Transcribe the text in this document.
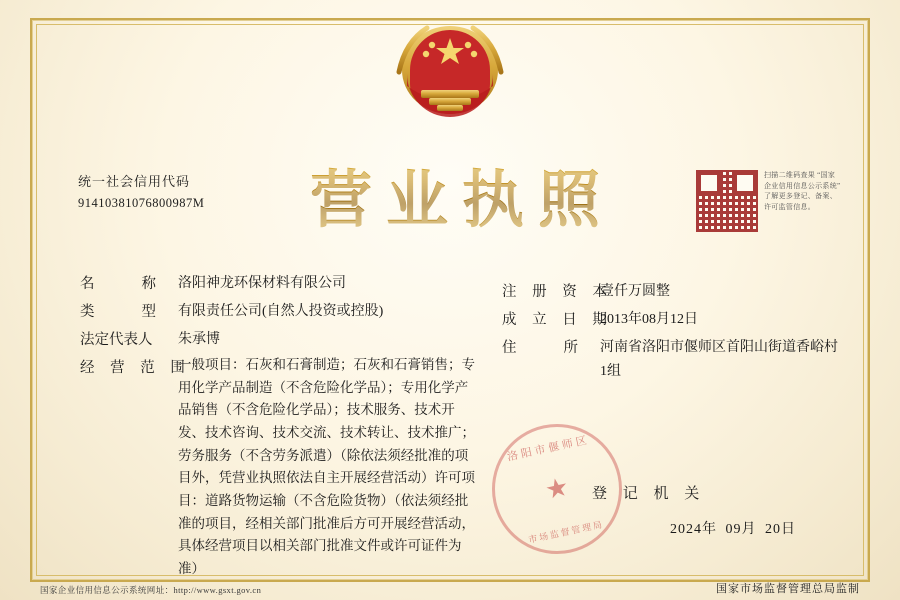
营业执照
统一社会信用代码
91410381076800987M
扫描二维码查果 “国家企业信用信息公示系统” 了解更多登记、备案、许可监管信息。
名　　称 洛阳神龙环保材料有限公司
类　　型 有限责任公司(自然人投资或控股)
法定代表人 朱承博
经 营 范 围
一般项目：石灰和石膏制造；石灰和石膏销售；专用化学产品制造（不含危险化学品）；专用化学产品销售（不含危险化学品）；技术服务、技术开发、技术咨询、技术交流、技术转让、技术推广；劳务服务（不含劳务派遣）（除依法须经批准的项目外，凭营业执照依法自主开展经营活动）许可项目：道路货物运输（不含危险货物）（依法须经批准的项目，经相关部门批准后方可开展经营活动，具体经营项目以相关部门批准文件或许可证件为准）
注 册 资 本
壹仟万圆整
成 立 日 期
2013年08月12日
住　　所 河南省洛阳市偃师区首阳山街道香峪村1组
洛阳市偃师区
★
市场监督管理局
登 记 机 关
2024年 09月 20日
国家企业信用信息公示系统网址：http://www.gsxt.gov.cn	国家市场监督管理总局监制
